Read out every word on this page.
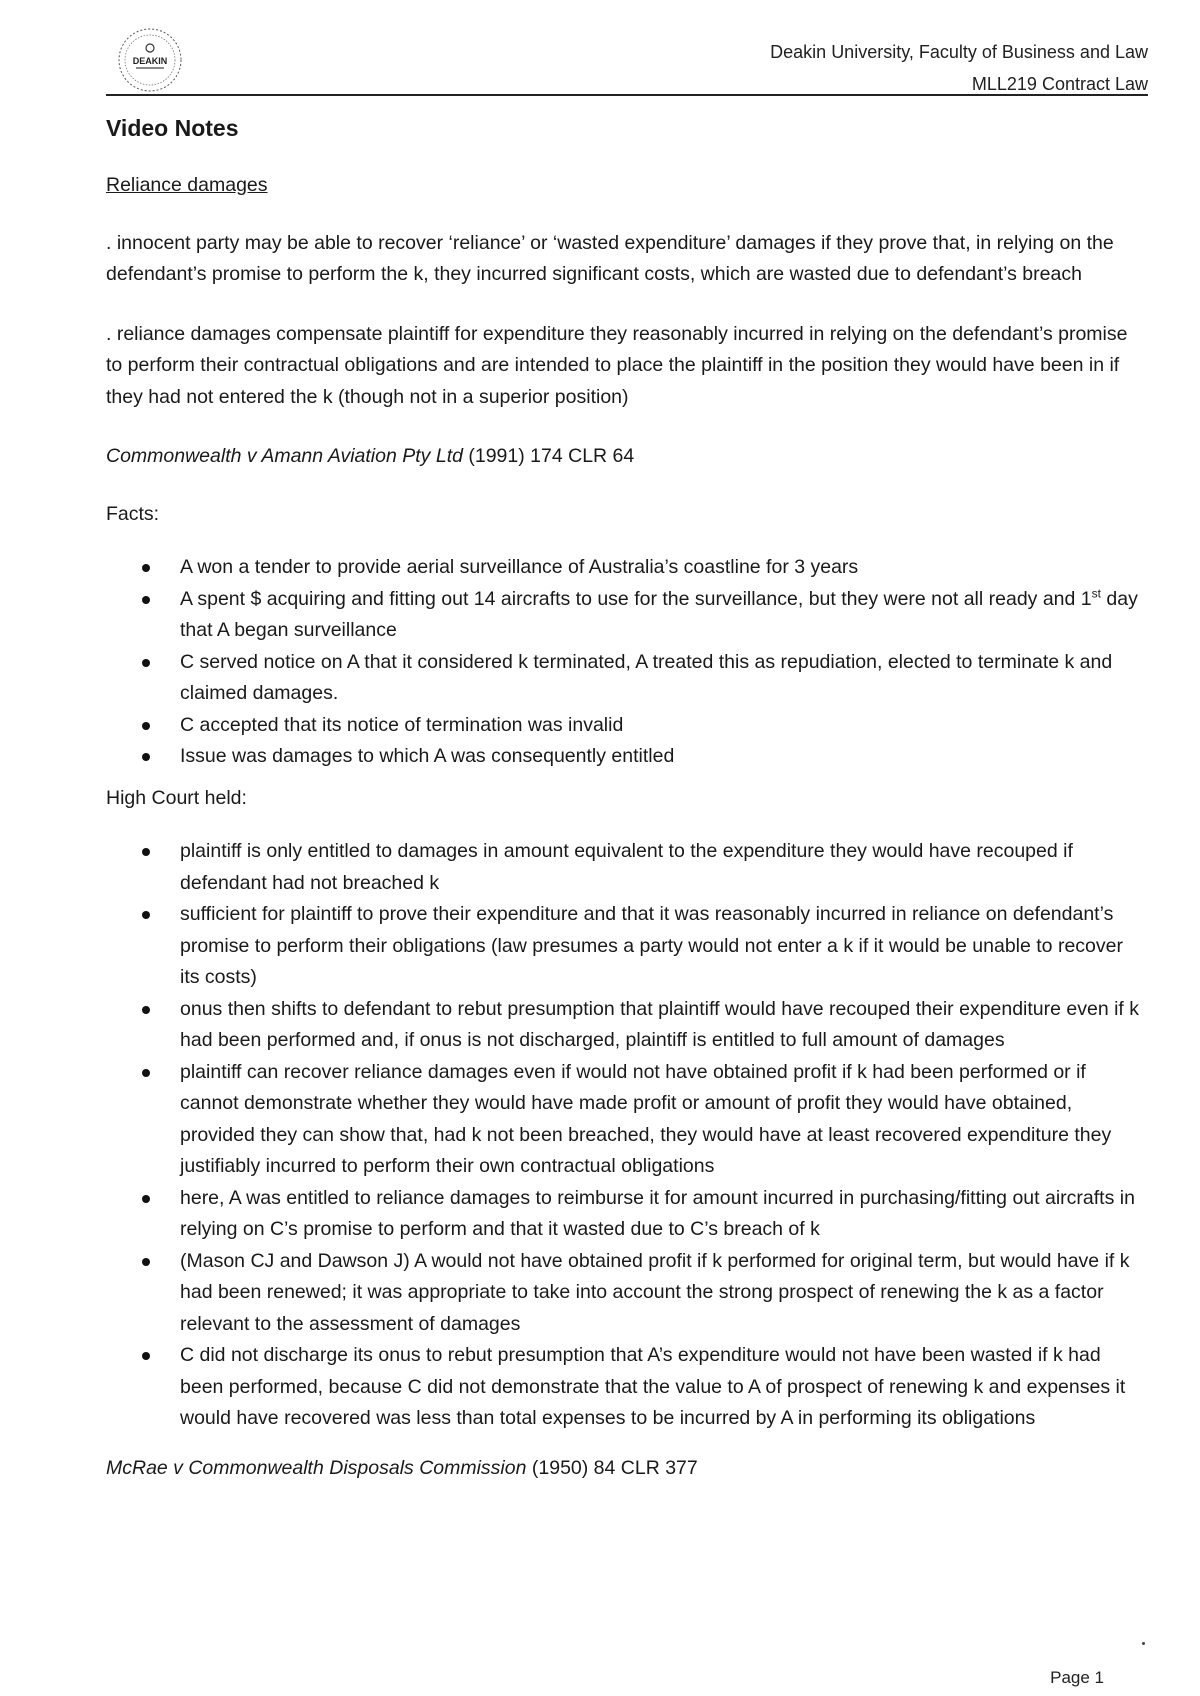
DEAKIN	Deakin University, Faculty of Business and Law
MLL219 Contract Law
Video Notes
Reliance damages

. innocent party may be able to recover ‘reliance’ or ‘wasted expenditure’ damages if they prove that, in relying on the defendant’s promise to perform the k, they incurred significant costs, which are wasted due to defendant’s breach

. reliance damages compensate plaintiff for expenditure they reasonably incurred in relying on the defendant’s promise to perform their contractual obligations and are intended to place the plaintiff in the position they would have been in if they had not entered the k (though not in a superior position)

Commonwealth v Amann Aviation Pty Ltd (1991) 174 CLR 64

Facts:

A won a tender to provide aerial surveillance of Australia’s coastline for 3 years
A spent $ acquiring and fitting out 14 aircrafts to use for the surveillance, but they were not all ready and 1st day that A began surveillance
C served notice on A that it considered k terminated, A treated this as repudiation, elected to terminate k and claimed damages.
C accepted that its notice of termination was invalid
Issue was damages to which A was consequently entitled

High Court held:

plaintiff is only entitled to damages in amount equivalent to the expenditure they would have recouped if defendant had not breached k
sufficient for plaintiff to prove their expenditure and that it was reasonably incurred in reliance on defendant’s promise to perform their obligations (law presumes a party would not enter a k if it would be unable to recover its costs)
onus then shifts to defendant to rebut presumption that plaintiff would have recouped their expenditure even if k had been performed and, if onus is not discharged, plaintiff is entitled to full amount of damages
plaintiff can recover reliance damages even if would not have obtained profit if k had been performed or if cannot demonstrate whether they would have made profit or amount of profit they would have obtained, provided they can show that, had k not been breached, they would have at least recovered expenditure they justifiably incurred to perform their own contractual obligations
here, A was entitled to reliance damages to reimburse it for amount incurred in purchasing/fitting out aircrafts in relying on C’s promise to perform and that it wasted due to C’s breach of k
(Mason CJ and Dawson J) A would not have obtained profit if k performed for original term, but would have if k had been renewed; it was appropriate to take into account the strong prospect of renewing the k as a factor relevant to the assessment of damages
C did not discharge its onus to rebut presumption that A’s expenditure would not have been wasted if k had been performed, because C did not demonstrate that the value to A of prospect of renewing k and expenses it would have recovered was less than total expenses to be incurred by A in performing its obligations

McRae v Commonwealth Disposals Commission (1950) 84 CLR 377

Page 1
